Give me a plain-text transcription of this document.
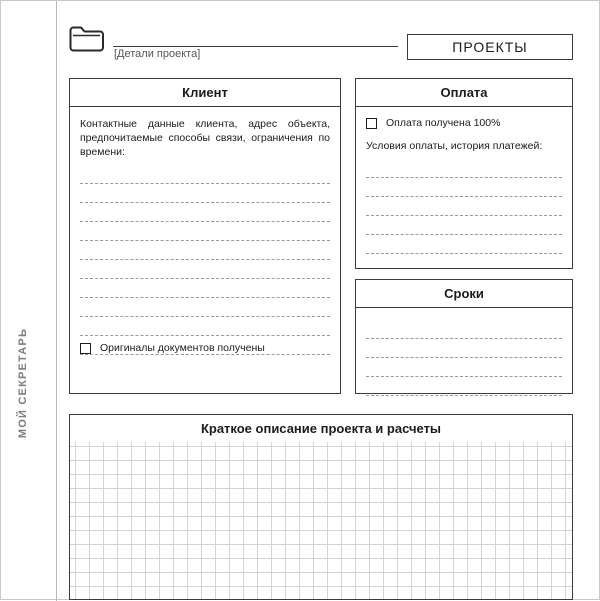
МОЙ СЕКРЕТАРЬ
[Детали проекта]	ПРОЕКТЫ
Клиент

Контактные данные клиента, адрес объекта, предпочитаемые способы связи, ограничения по времени:

Оригиналы документов получены
Оплата
Оплата получена 100%

Условия оплаты, история платежей:

Сроки
Краткое описание проекта и расчеты
